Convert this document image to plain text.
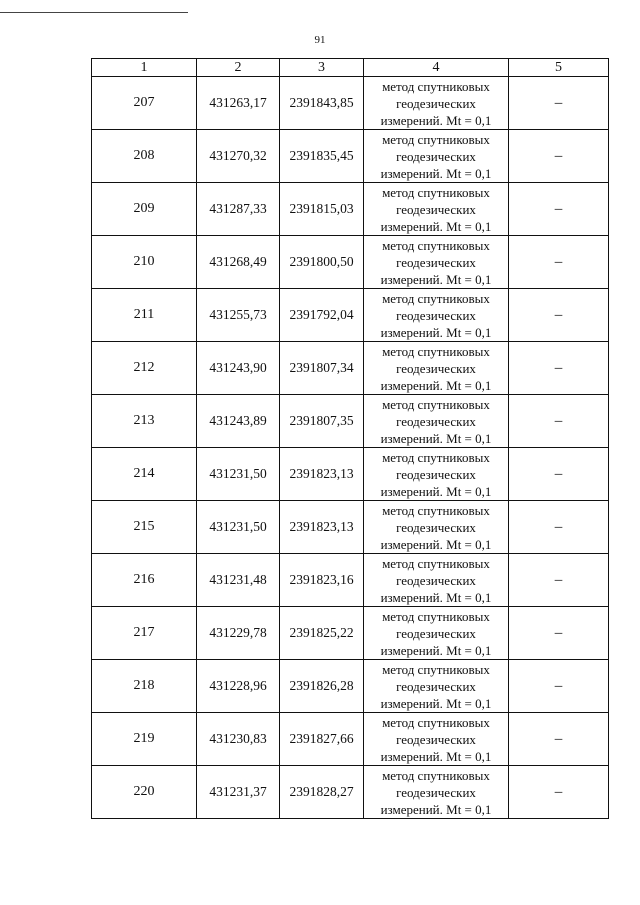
91
1	2	3	4	5
207	431263,17	2391843,85	метод спутниковых
геодезических
измерений. Mt = 0,1	–
208	431270,32	2391835,45	метод спутниковых
геодезических
измерений. Mt = 0,1	–
209	431287,33	2391815,03	метод спутниковых
геодезических
измерений. Mt = 0,1	–
210	431268,49	2391800,50	метод спутниковых
геодезических
измерений. Mt = 0,1	–
211	431255,73	2391792,04	метод спутниковых
геодезических
измерений. Mt = 0,1	–
212	431243,90	2391807,34	метод спутниковых
геодезических
измерений. Mt = 0,1	–
213	431243,89	2391807,35	метод спутниковых
геодезических
измерений. Mt = 0,1	–
214	431231,50	2391823,13	метод спутниковых
геодезических
измерений. Mt = 0,1	–
215	431231,50	2391823,13	метод спутниковых
геодезических
измерений. Mt = 0,1	–
216	431231,48	2391823,16	метод спутниковых
геодезических
измерений. Mt = 0,1	–
217	431229,78	2391825,22	метод спутниковых
геодезических
измерений. Mt = 0,1	–
218	431228,96	2391826,28	метод спутниковых
геодезических
измерений. Mt = 0,1	–
219	431230,83	2391827,66	метод спутниковых
геодезических
измерений. Mt = 0,1	–
220	431231,37	2391828,27	метод спутниковых
геодезических
измерений. Mt = 0,1	–
